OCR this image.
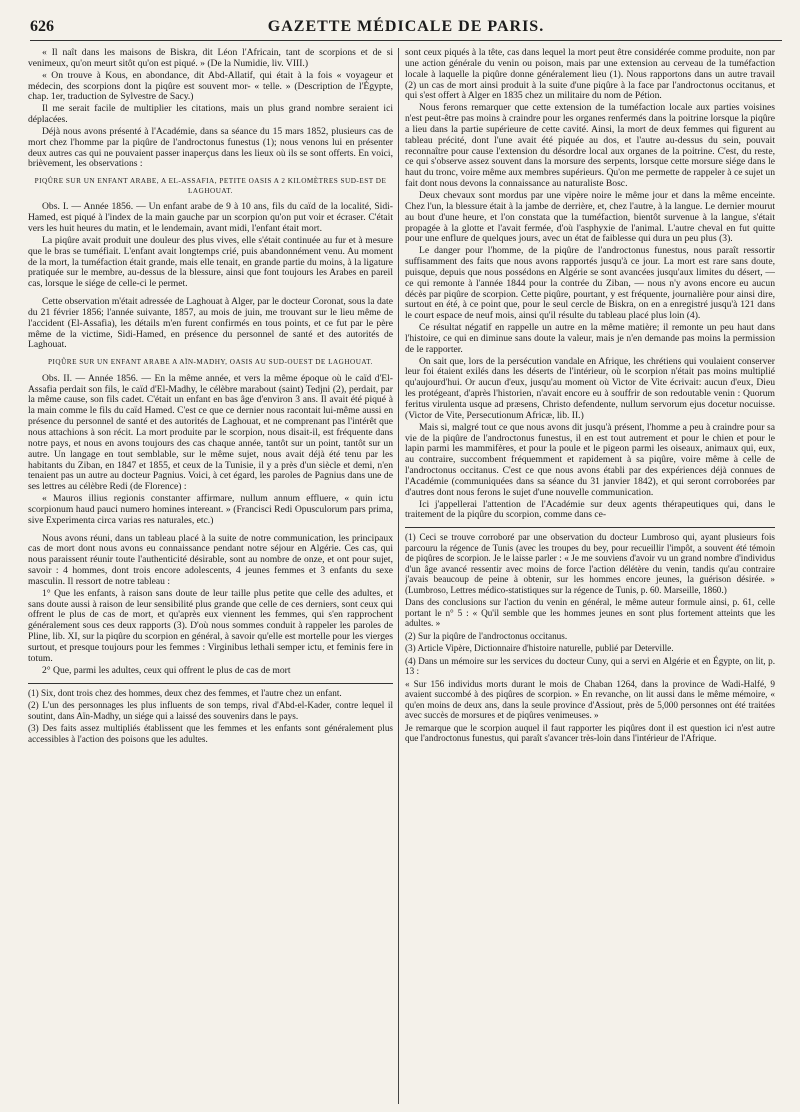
626	GAZETTE MÉDICALE DE PARIS.

« Il naît dans les maisons de Biskra, dit Léon l'Africain, tant de scorpions et de si venimeux, qu'on meurt sitôt qu'on est piqué. » (De la Numidie, liv. VIII.)

« On trouve à Kous, en abondance, dit Abd-Allatif, qui était à la fois « voyageur et médecin, des scorpions dont la piqûre est souvent mor- « telle. » (Description de l'Égypte, chap. 1er, traduction de Sylvestre de Sacy.)

Il me serait facile de multiplier les citations, mais un plus grand nombre seraient ici déplacées.

Déjà nous avons présenté à l'Académie, dans sa séance du 15 mars 1852, plusieurs cas de mort chez l'homme par la piqûre de l'androctonus funestus (1); nous venons lui en présenter deux autres cas qui ne pouvaient passer inaperçus dans les lieux où ils se sont offerts. En voici, brièvement, les observations :

PIQÛRE SUR UN ENFANT ARABE, A EL-ASSAFIA, PETITE OASIS A 2 KILOMÈTRES SUD-EST DE LAGHOUAT.

Obs. I. — Année 1856. — Un enfant arabe de 9 à 10 ans, fils du caïd de la localité, Sidi-Hamed, est piqué à l'index de la main gauche par un scorpion qu'on put voir et écraser. C'était vers les huit heures du matin, et le lendemain, avant midi, l'enfant était mort.

La piqûre avait produit une douleur des plus vives, elle s'était continuée au fur et à mesure que le bras se tuméfiait. L'enfant avait longtemps crié, puis abandonnément venu. Au moment de la mort, la tuméfaction était grande, mais elle tenait, en grande partie du moins, à la ligature pratiquée sur le membre, au-dessus de la blessure, ainsi que font toujours les Arabes en pareil cas, lorsque le siége de celle-ci le permet.

Cette observation m'était adressée de Laghouat à Alger, par le docteur Coronat, sous la date du 21 février 1856; l'année suivante, 1857, au mois de juin, me trouvant sur le lieu même de l'accident (El-Assafia), les détails m'en furent confirmés en tous points, et ce fut par le père même de la victime, Sidi-Hamed, en présence du personnel de santé et des autorités de Laghouat.

PIQÛRE SUR UN ENFANT ARABE A AÏN-MADHY, OASIS AU SUD-OUEST DE LAGHOUAT.

Obs. II. — Année 1856. — En la même année, et vers la même époque où le caïd d'El-Assafia perdait son fils, le caïd d'El-Madhy, le célèbre marabout (saint) Tedjni (2), perdait, par la même cause, son fils cadet. C'était un enfant en bas âge d'environ 3 ans. Il avait été piqué à la main comme le fils du caïd Hamed. C'est ce que ce dernier nous racontait lui-même aussi en présence du personnel de santé et des autorités de Laghouat, et ne comprenant pas l'intérêt que nous attachions à son récit. La mort produite par le scorpion, nous disait-il, est fréquente dans notre pays, et nous en avons toujours des cas chaque année, tantôt sur un point, tantôt sur un autre. Un langage en tout semblable, sur le même sujet, nous avait déjà été tenu par les habitants du Ziban, en 1847 et 1855, et ceux de la Tunisie, il y a près d'un siècle et demi, n'en tenaient pas un autre au docteur Pagnius. Voici, à cet égard, les paroles de Pagnius dans une de ses lettres au célèbre Redi (de Florence) :

« Mauros illius regionis constanter affirmare, nullum annum effluere, « quin ictu scorpionum haud pauci numero homines intereant. » (Francisci Redi Opusculorum pars prima, sive Experimenta circa varias res naturales, etc.)

Nous avons réuni, dans un tableau placé à la suite de notre communication, les principaux cas de mort dont nous avons eu connaissance pendant notre séjour en Algérie. Ces cas, qui nous paraissent réunir toute l'authenticité désirable, sont au nombre de onze, et ont pour sujet, savoir : 4 hommes, dont trois encore adolescents, 4 jeunes femmes et 3 enfants du sexe masculin. Il ressort de notre tableau :

1° Que les enfants, à raison sans doute de leur taille plus petite que celle des adultes, et sans doute aussi à raison de leur sensibilité plus grande que celle de ces derniers, sont ceux qui offrent le plus de cas de mort, et qu'après eux viennent les femmes, qui s'en rapprochent généralement sous ces deux rapports (3). D'où nous sommes conduit à rappeler les paroles de Pline, lib. XI, sur la piqûre du scorpion en général, à savoir qu'elle est mortelle pour les vierges surtout, et presque toujours pour les femmes : Virginibus lethali semper ictu, et feminis fere in totum.

2° Que, parmi les adultes, ceux qui offrent le plus de cas de mort

(1) Six, dont trois chez des hommes, deux chez des femmes, et l'autre chez un enfant.

(2) L'un des personnages les plus influents de son temps, rival d'Abd-el-Kader, contre lequel il soutint, dans Aïn-Madhy, un siége qui a laissé des souvenirs dans le pays.

(3) Des faits assez multipliés établissent que les femmes et les enfants sont généralement plus accessibles à l'action des poisons que les adultes.

sont ceux piqués à la tête, cas dans lequel la mort peut être considérée comme produite, non par une action générale du venin ou poison, mais par une extension au cerveau de la tuméfaction locale à laquelle la piqûre donne généralement lieu (1). Nous rapportons dans un autre travail (2) un cas de mort ainsi produit à la suite d'une piqûre à la face par l'androctonus occitanus, et qui s'est offert à Alger en 1835 chez un militaire du nom de Pétion.

Nous ferons remarquer que cette extension de la tuméfaction locale aux parties voisines n'est peut-être pas moins à craindre pour les organes renfermés dans la poitrine lorsque la piqûre a lieu dans la partie supérieure de cette cavité. Ainsi, la mort de deux femmes qui figurent au tableau précité, dont l'une avait été piquée au dos, et l'autre au-dessus du sein, pouvait reconnaître pour cause l'extension du désordre local aux organes de la poitrine. C'est, du reste, ce qui s'observe assez souvent dans la morsure des serpents, lorsque cette morsure siége dans le haut du tronc, voire même aux membres supérieurs. Qu'on me permette de rappeler à ce sujet un fait dont nous devons la connaissance au naturaliste Bosc.

Deux chevaux sont mordus par une vipère noire le même jour et dans la même enceinte. Chez l'un, la blessure était à la jambe de derrière, et, chez l'autre, à la langue. Le dernier mourut au bout d'une heure, et l'on constata que la tuméfaction, bientôt survenue à la langue, s'était propagée à la glotte et l'avait fermée, d'où l'asphyxie de l'animal. L'autre cheval en fut quitte pour une enflure de quelques jours, avec un état de faiblesse qui dura un peu plus (3).

Le danger pour l'homme, de la piqûre de l'androctonus funestus, nous paraît ressortir suffisamment des faits que nous avons rapportés jusqu'à ce jour. La mort est rare sans doute, puisque, depuis que nous possédons en Algérie se sont avancées jusqu'aux limites du désert, — ce qui remonte à l'année 1844 pour la contrée du Ziban, — nous n'y avons encore eu aucun décès par piqûre de scorpion. Cette piqûre, pourtant, y est fréquente, journalière pour ainsi dire, surtout en été, à ce point que, pour le seul cercle de Biskra, on en a enregistré jusqu'à 121 dans le court espace de neuf mois, ainsi qu'il résulte du tableau placé plus loin (4).

Ce résultat négatif en rappelle un autre en la même matière; il remonte un peu haut dans l'histoire, ce qui en diminue sans doute la valeur, mais je n'en demande pas moins la permission de le rapporter.

On sait que, lors de la persécution vandale en Afrique, les chrétiens qui voulaient conserver leur foi étaient exilés dans les déserts de l'intérieur, où le scorpion n'était pas moins multiplié qu'aujourd'hui. Or aucun d'eux, jusqu'au moment où Victor de Vite écrivait: aucun d'eux, Dieu les protégeant, d'après l'historien, n'avait encore eu à souffrir de son redoutable venin : Quorum feritus virulenta usque ad præsens, Christo defendente, nullum servorum ejus docetur nocuisse. (Victor de Vite, Persecutionum Africæ, lib. II.)

Mais si, malgré tout ce que nous avons dit jusqu'à présent, l'homme a peu à craindre pour sa vie de la piqûre de l'androctonus funestus, il en est tout autrement et pour le chien et pour le lapin parmi les mammifères, et pour la poule et le pigeon parmi les oiseaux, animaux qui, eux, au contraire, succombent fréquemment et rapidement à sa piqûre, voire même à celle de l'androctonus occitanus. C'est ce que nous avons établi par des expériences déjà connues de l'Académie (communiquées dans sa séance du 31 janvier 1842), et qui seront corroborées par d'autres dont nous ferons le sujet d'une nouvelle communication.

Ici j'appellerai l'attention de l'Académie sur deux agents thérapeutiques qui, dans le traitement de la piqûre du scorpion, comme dans ce-

(1) Ceci se trouve corroboré par une observation du docteur Lumbroso qui, ayant plusieurs fois parcouru la régence de Tunis (avec les troupes du bey, pour recueillir l'impôt, a souvent été témoin de piqûres de scorpion. Je le laisse parler : « Je me souviens d'avoir vu un grand nombre d'individus d'un âge avancé ressentir avec moins de force l'action délétère du venin, tandis qu'au contraire j'avais beaucoup de peine à obtenir, sur les hommes encore jeunes, la guérison désirée. » (Lumbroso, Lettres médico-statistiques sur la régence de Tunis, p. 60. Marseille, 1860.)

Dans des conclusions sur l'action du venin en général, le même auteur formule ainsi, p. 61, celle portant le n° 5 : « Qu'il semble que les hommes jeunes en sont plus fortement atteints que les adultes. »

(2) Sur la piqûre de l'androctonus occitanus.

(3) Article Vipère, Dictionnaire d'histoire naturelle, publié par Deterville.

(4) Dans un mémoire sur les services du docteur Cuny, qui a servi en Algérie et en Égypte, on lit, p. 13 :

« Sur 156 individus morts durant le mois de Chaban 1264, dans la province de Wadi-Halfé, 9 avaient succombé à des piqûres de scorpion. » En revanche, on lit aussi dans le même mémoire, « qu'en moins de deux ans, dans la seule province d'Assiout, près de 5,000 personnes ont été traitées avec succès de morsures et de piqûres venimeuses. »

Je remarque que le scorpion auquel il faut rapporter les piqûres dont il est question ici n'est autre que l'androctonus funestus, qui paraît s'avancer très-loin dans l'intérieur de l'Afrique.
